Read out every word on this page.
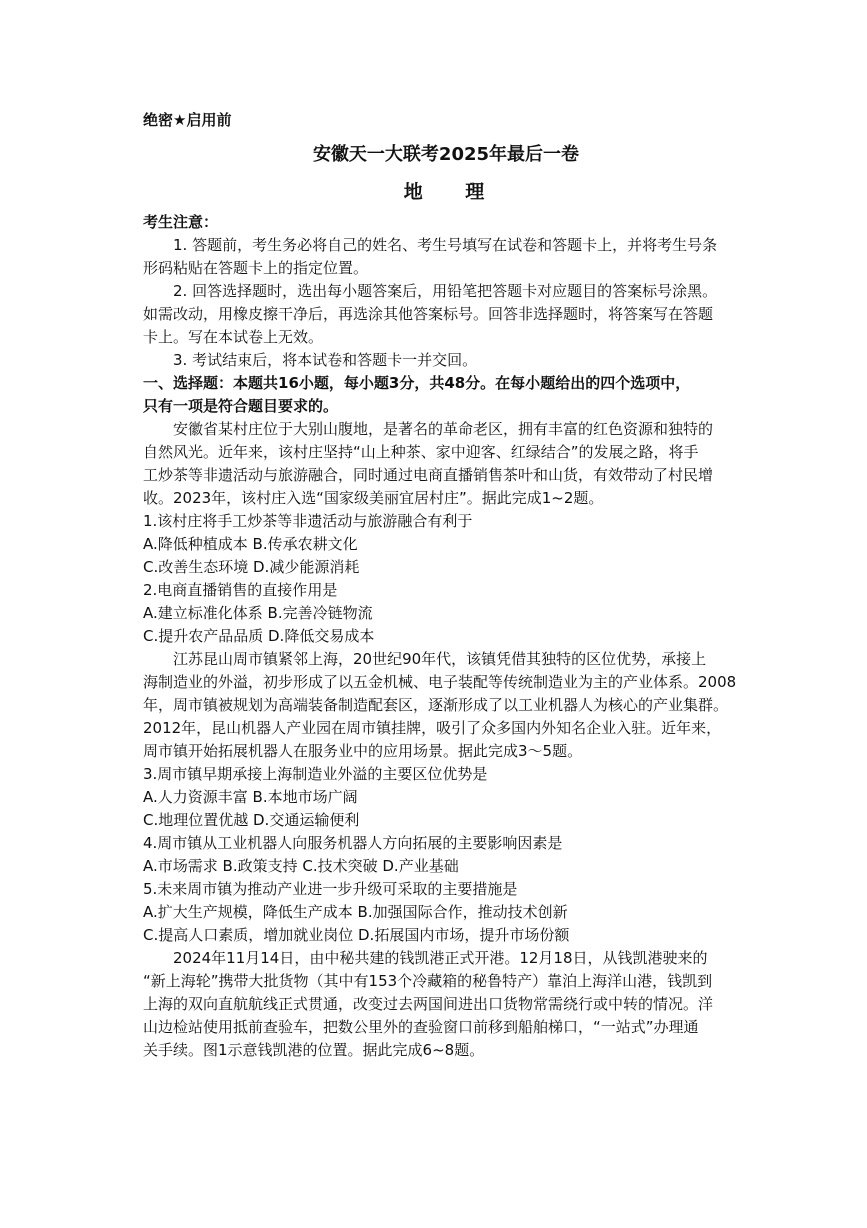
绝密★启用前
安徽天一大联考2025年最后一卷
地 理
考生注意：
1. 答题前，考生务必将自己的姓名、考生号填写在试卷和答题卡上，并将考生号条
形码粘贴在答题卡上的指定位置。
2. 回答选择题时，选出每小题答案后，用铅笔把答题卡对应题目的答案标号涂黑。
如需改动，用橡皮擦干净后，再选涂其他答案标号。回答非选择题时，将答案写在答题
卡上。写在本试卷上无效。
3. 考试结束后，将本试卷和答题卡一并交回。
一、选择题：本题共16小题，每小题3分，共48分。在每小题给出的四个选项中，
只有一项是符合题目要求的。
安徽省某村庄位于大别山腹地，是著名的革命老区，拥有丰富的红色资源和独特的
自然风光。近年来，该村庄坚持“山上种茶、家中迎客、红绿结合”的发展之路，将手
工炒茶等非遗活动与旅游融合，同时通过电商直播销售茶叶和山货，有效带动了村民增
收。2023年，该村庄入选“国家级美丽宜居村庄”。据此完成1~2题。
1.该村庄将手工炒茶等非遗活动与旅游融合有利于
A.降低种植成本 B.传承农耕文化
C.改善生态环境 D.减少能源消耗
2.电商直播销售的直接作用是
A.建立标准化体系 B.完善冷链物流
C.提升农产品品质 D.降低交易成本
江苏昆山周市镇紧邻上海，20世纪90年代，该镇凭借其独特的区位优势，承接上
海制造业的外溢，初步形成了以五金机械、电子装配等传统制造业为主的产业体系。2008
年，周市镇被规划为高端装备制造配套区，逐渐形成了以工业机器人为核心的产业集群。
2012年，昆山机器人产业园在周市镇挂牌，吸引了众多国内外知名企业入驻。近年来，
周市镇开始拓展机器人在服务业中的应用场景。据此完成3～5题。
3.周市镇早期承接上海制造业外溢的主要区位优势是
A.人力资源丰富 B.本地市场广阔
C.地理位置优越 D.交通运输便利
4.周市镇从工业机器人向服务机器人方向拓展的主要影响因素是
A.市场需求 B.政策支持 C.技术突破 D.产业基础
5.未来周市镇为推动产业进一步升级可采取的主要措施是
A.扩大生产规模，降低生产成本 B.加强国际合作，推动技术创新
C.提高人口素质，增加就业岗位 D.拓展国内市场，提升市场份额
2024年11月14日，由中秘共建的钱凯港正式开港。12月18日，从钱凯港驶来的
“新上海轮”携带大批货物（其中有153个冷藏箱的秘鲁特产）靠泊上海洋山港，钱凯到
上海的双向直航航线正式贯通，改变过去两国间进出口货物常需绕行或中转的情况。洋
山边检站使用抵前查验车，把数公里外的查验窗口前移到船舶梯口，“一站式”办理通
关手续。图1示意钱凯港的位置。据此完成6~8题。
